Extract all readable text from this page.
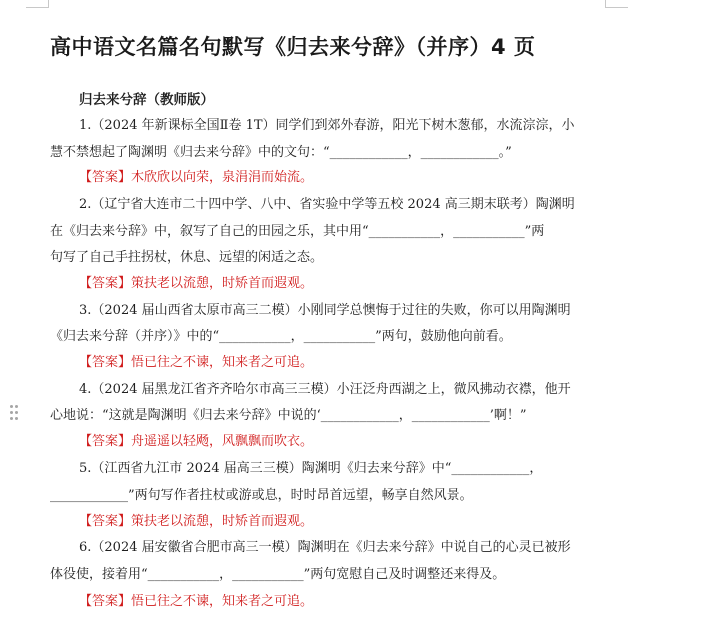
高中语文名篇名句默写《归去来兮辞》（并序）4 页
归去来兮辞（教师版）

1.（2024 年新课标全国Ⅱ卷 1T）同学们到郊外春游，阳光下树木葱郁，水流淙淙，小

慧不禁想起了陶渊明《归去来兮辞》中的文句：“____________，____________。”

【答案】木欣欣以向荣，泉涓涓而始流。

2.（辽宁省大连市二十四中学、八中、省实验中学等五校 2024 高三期末联考）陶渊明

在《归去来兮辞》中，叙写了自己的田园之乐，其中用“___________，___________”两

句写了自己手拄拐杖，休息、远望的闲适之态。

【答案】策扶老以流憩，时矫首而遐观。

3.（2024 届山西省太原市高三二模）小刚同学总懊悔于过往的失败，你可以用陶渊明

《归去来兮辞（并序）》中的“___________，___________”两句，鼓励他向前看。

【答案】悟已往之不谏，知来者之可追。

4.（2024 届黑龙江省齐齐哈尔市高三三模）小汪泛舟西湖之上，微风拂动衣襟，他开

心地说：“这就是陶渊明《归去来兮辞》中说的‘____________，____________’啊！”

【答案】舟遥遥以轻飏，风飘飘而吹衣。

5.（江西省九江市 2024 届高三三模）陶渊明《归去来兮辞》中“____________，

____________”两句写作者拄杖或游或息，时时昂首远望，畅享自然风景。

【答案】策扶老以流憩，时矫首而遐观。

6.（2024 届安徽省合肥市高三一模）陶渊明在《归去来兮辞》中说自己的心灵已被形

体役使，接着用“___________，___________”两句宽慰自己及时调整还来得及。

【答案】悟已往之不谏，知来者之可追。
